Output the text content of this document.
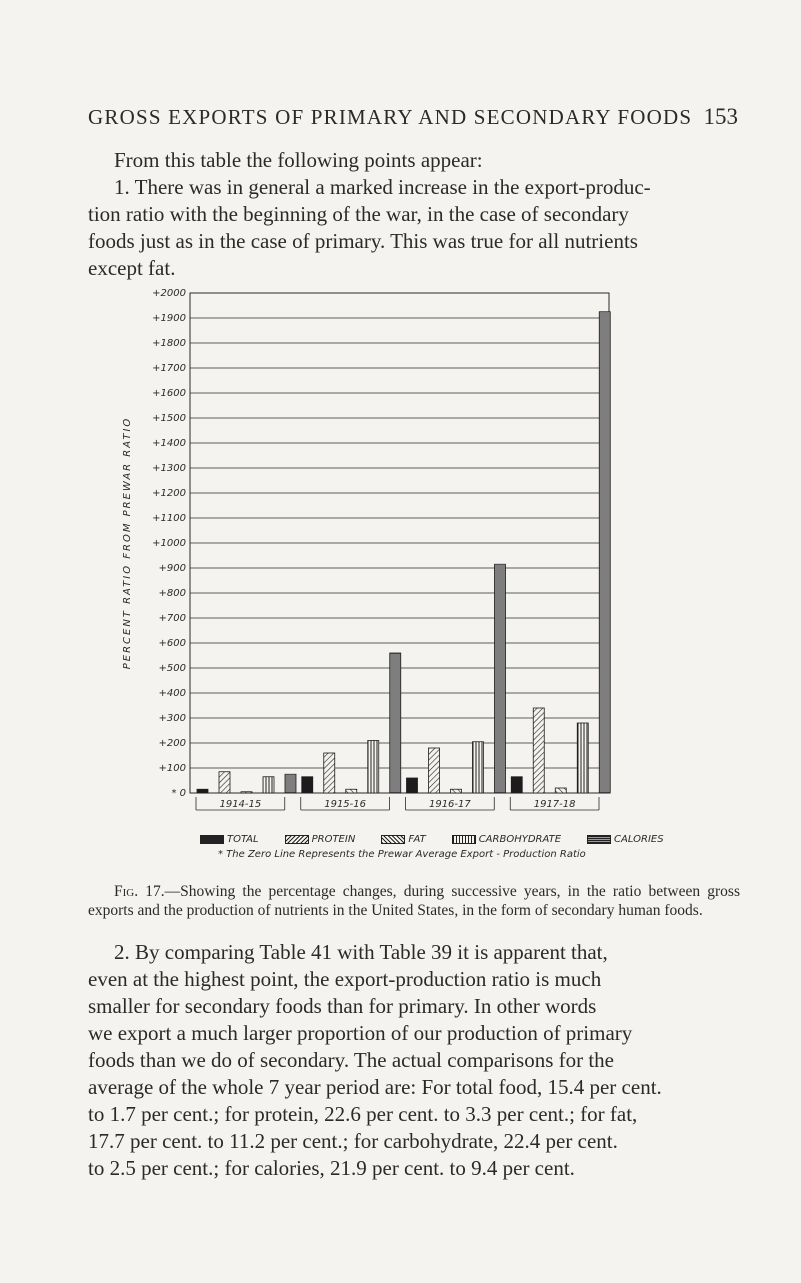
GROSS EXPORTS OF PRIMARY AND SECONDARY FOODS 153

From this table the following points appear:

1. There was in general a marked increase in the export-produc-

tion ratio with the beginning of the war, in the case of secondary

foods just as in the case of primary. This was true for all nutrients

except fat.

* 0
+100
+200
+300
+400
+500
+600
+700
+800
+900
+1000
+1100
+1200
+1300
+1400
+1500
+1600
+1700
+1800
+1900
+2000
1914-15	1915-16	1916-17	1917-18
PERCENT RATIO FROM PREWAR RATIO
TOTAL	PROTEIN	FAT	CARBOHYDRATE	CALORIES
* The Zero Line Represents the Prewar Average Export - Production Ratio
Fig. 17.—Showing the percentage changes, during successive years, in the ratio between gross exports and the production of nutrients in the United States, in the form of secondary human foods.

2. By comparing Table 41 with Table 39 it is apparent that,

even at the highest point, the export-production ratio is much

smaller for secondary foods than for primary. In other words

we export a much larger proportion of our production of primary

foods than we do of secondary. The actual comparisons for the

average of the whole 7 year period are: For total food, 15.4 per cent.

to 1.7 per cent.; for protein, 22.6 per cent. to 3.3 per cent.; for fat,

17.7 per cent. to 11.2 per cent.; for carbohydrate, 22.4 per cent.

to 2.5 per cent.; for calories, 21.9 per cent. to 9.4 per cent.
